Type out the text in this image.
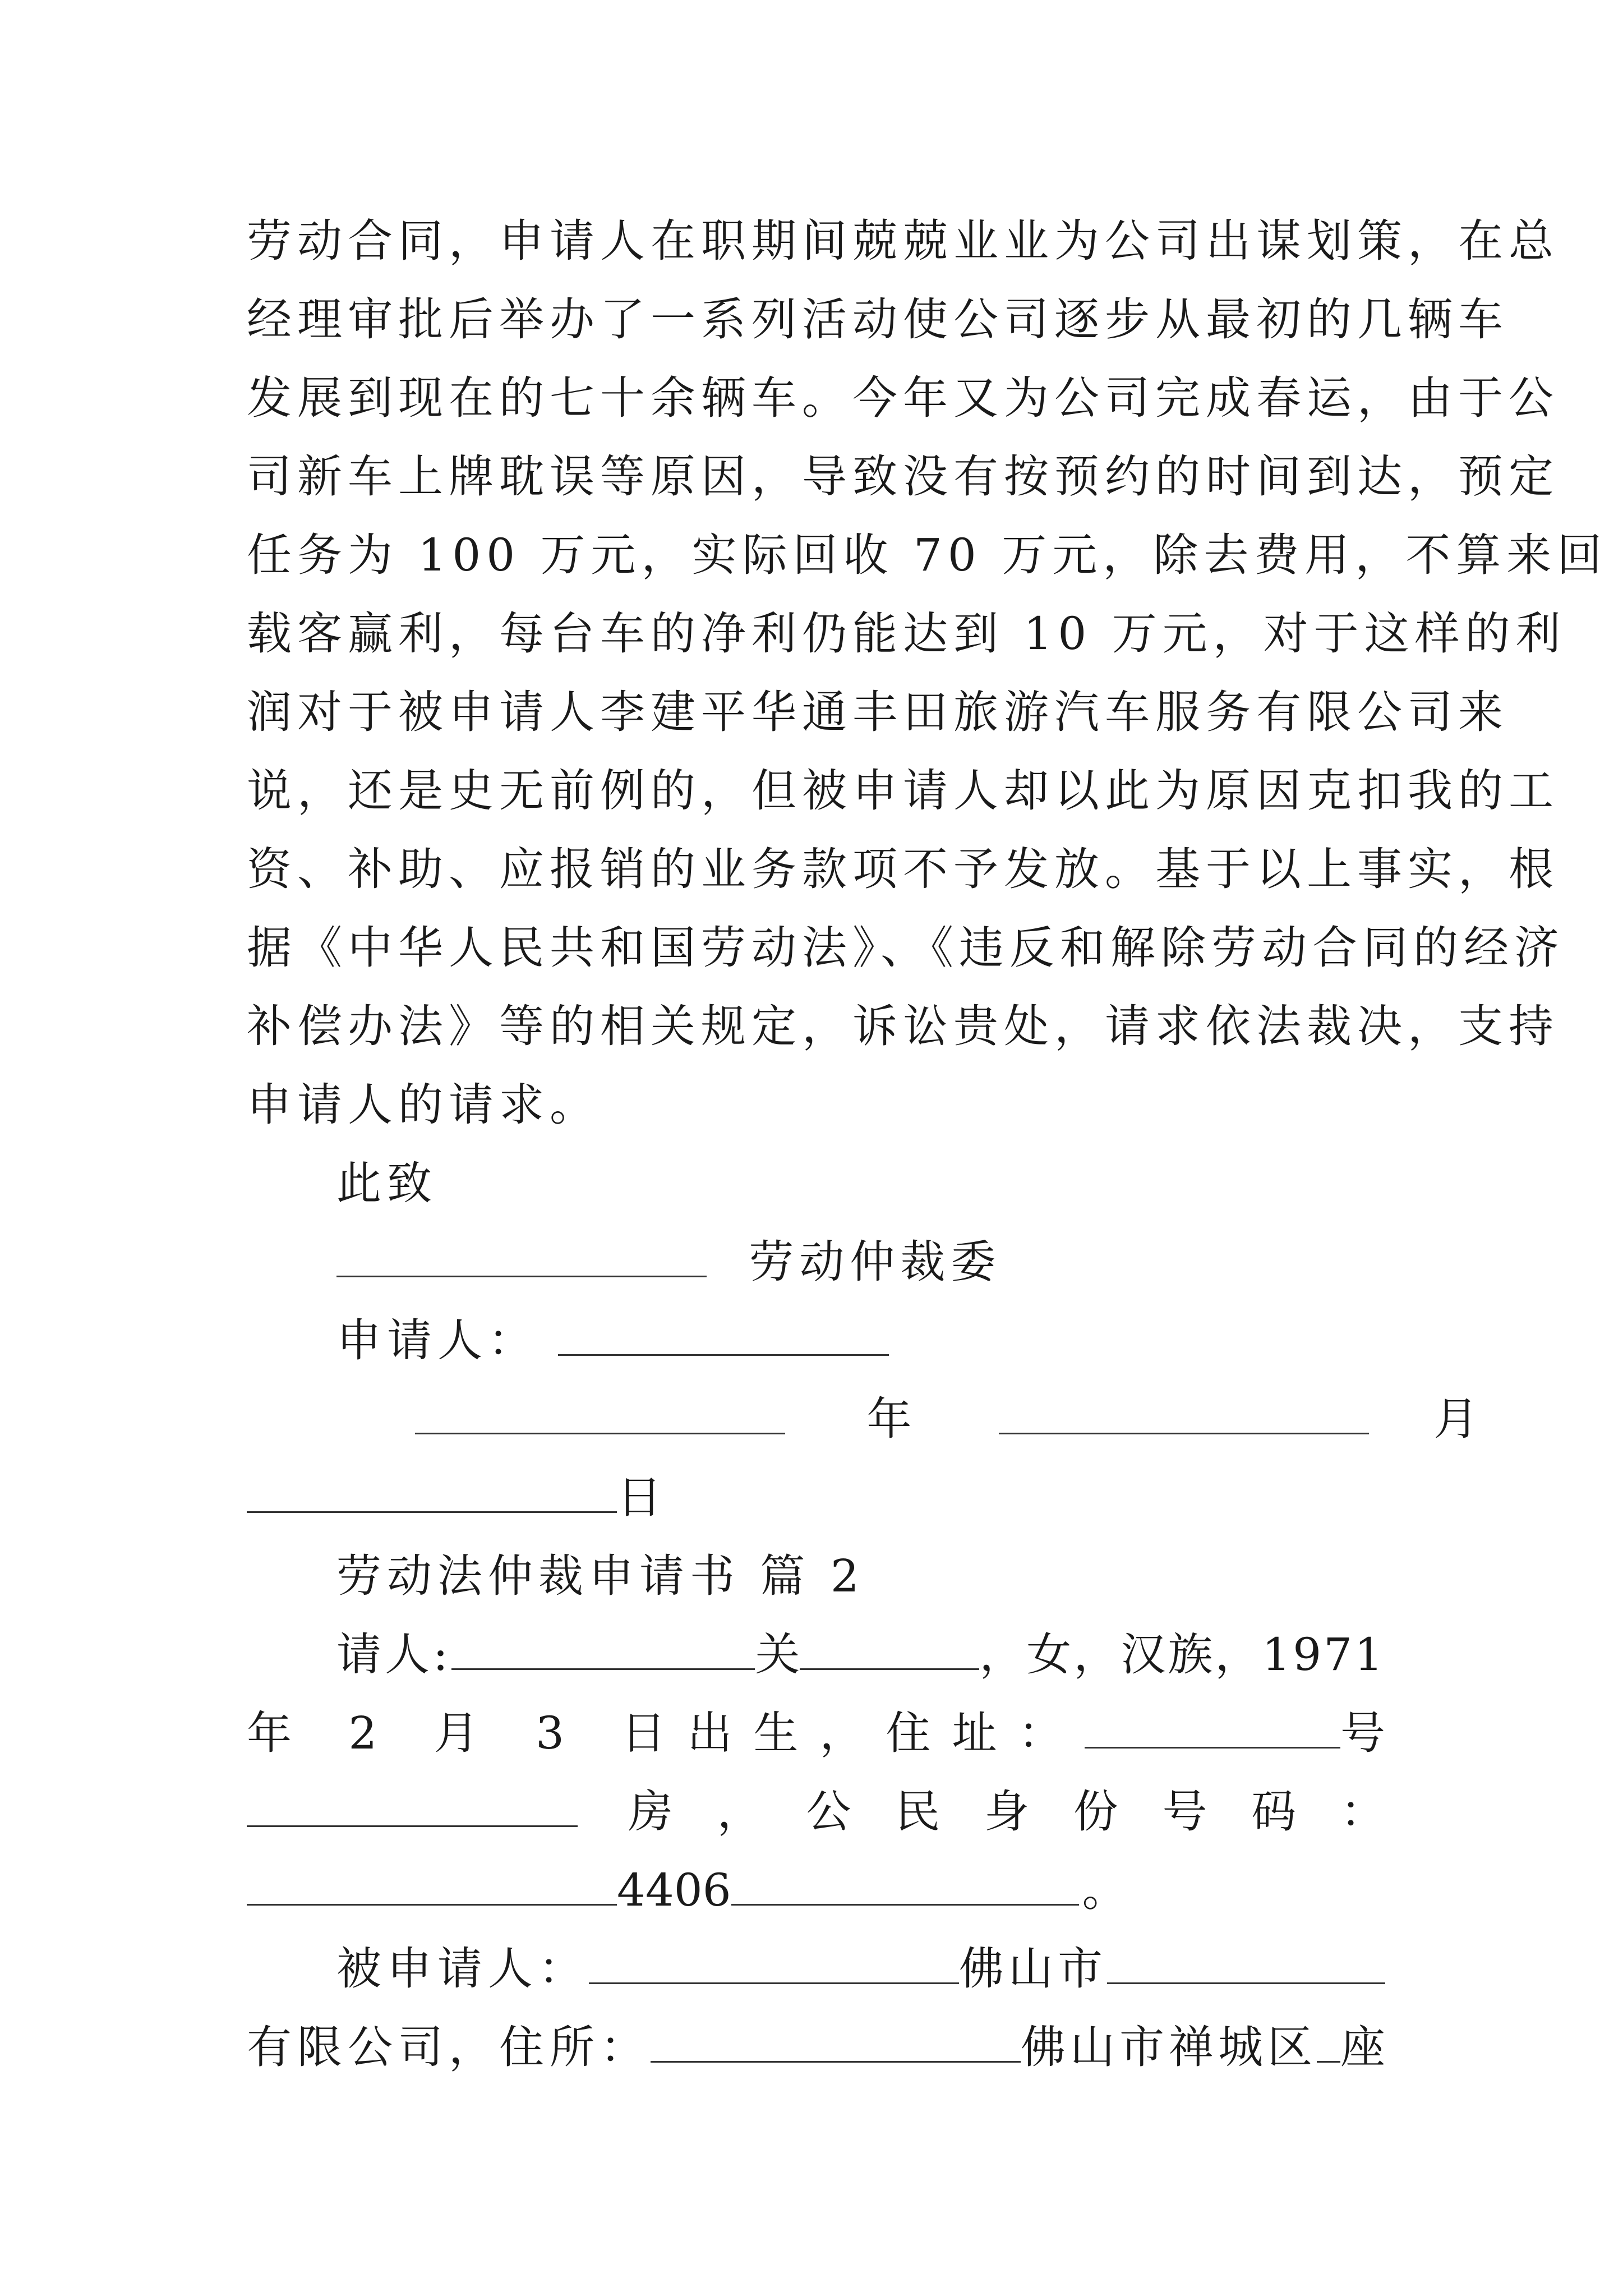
劳动合同，申请人在职期间兢兢业业为公司出谋划策，在总
经理审批后举办了一系列活动使公司逐步从最初的几辆车
发展到现在的七十余辆车。今年又为公司完成春运，由于公
司新车上牌耽误等原因，导致没有按预约的时间到达，预定
任务为 100 万元，实际回收 70 万元，除去费用，不算来回
载客赢利，每台车的净利仍能达到 10 万元，对于这样的利
润对于被申请人李建平华通丰田旅游汽车服务有限公司来
说，还是史无前例的，但被申请人却以此为原因克扣我的工
资、补助、应报销的业务款项不予发放。基于以上事实，根
据《中华人民共和国劳动法》、《违反和解除劳动合同的经济
补偿办法》等的相关规定，诉讼贵处，请求依法裁决，支持
申请人的请求。
此致
劳动仲裁委
申请人：
年	月
日
劳动法仲裁申请书 篇 2
请人:	关	，女，汉族，1971
年 2 月 3 日出生，住址：	号
房，公民身份号码：
4406	。
被申请人：	佛山市
有限公司，住所：	佛山市禅城区 座
